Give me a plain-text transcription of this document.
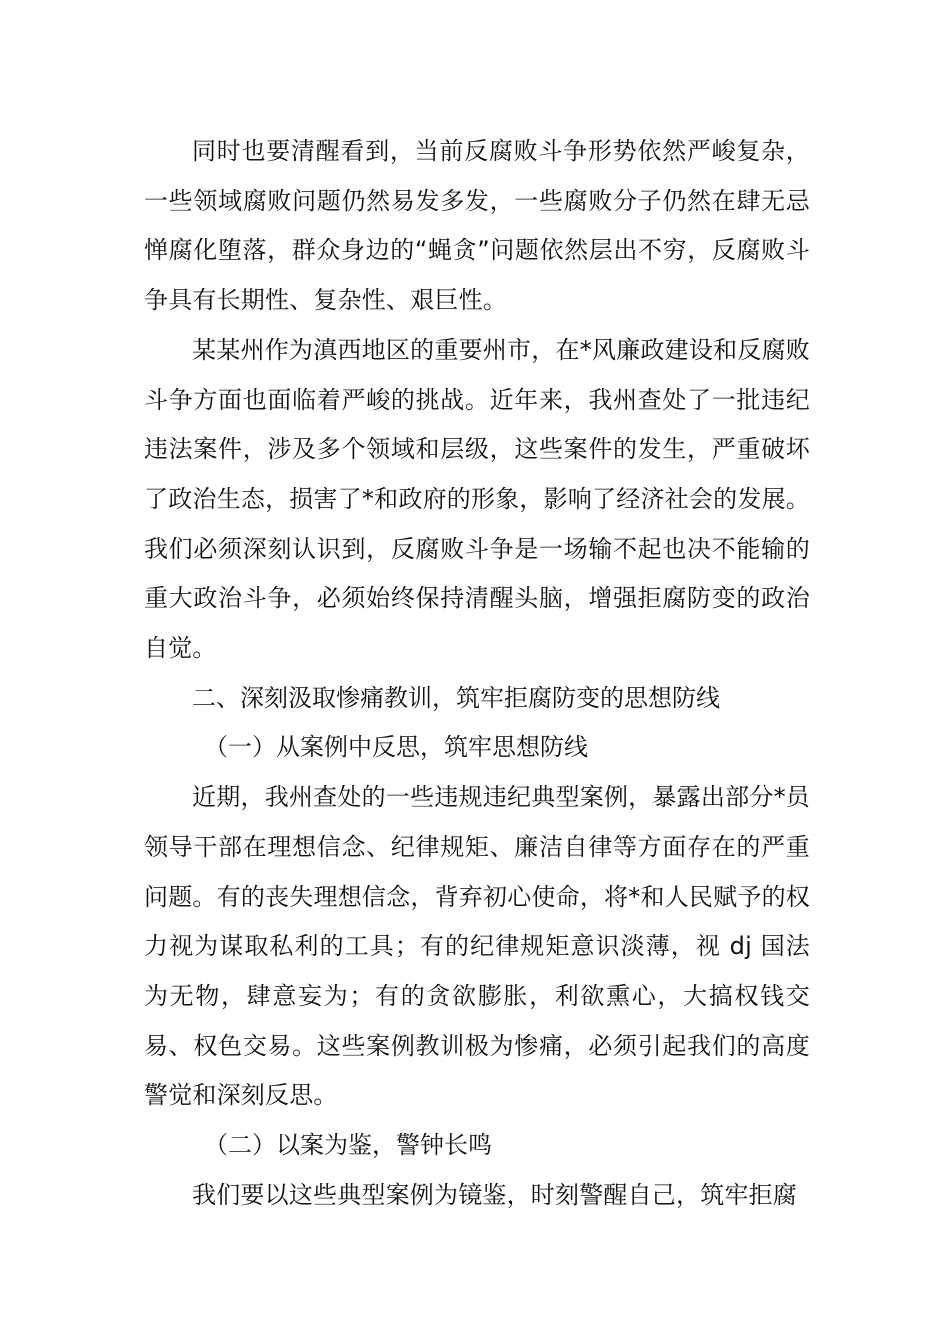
同时也要清醒看到，当前反腐败斗争形势依然严峻复杂，一些领域腐败问题仍然易发多发，一些腐败分子仍然在肆无忌惮腐化堕落，群众身边的“蝇贪”问题依然层出不穷，反腐败斗争具有长期性、复杂性、艰巨性。

某某州作为滇西地区的重要州市，在*风廉政建设和反腐败斗争方面也面临着严峻的挑战。近年来，我州查处了一批违纪违法案件，涉及多个领域和层级，这些案件的发生，严重破坏了政治生态，损害了*和政府的形象，影响了经济社会的发展。我们必须深刻认识到，反腐败斗争是一场输不起也决不能输的重大政治斗争，必须始终保持清醒头脑，增强拒腐防变的政治自觉。

二、深刻汲取惨痛教训，筑牢拒腐防变的思想防线

（一）从案例中反思，筑牢思想防线

近期，我州查处的一些违规违纪典型案例，暴露出部分*员领导干部在理想信念、纪律规矩、廉洁自律等方面存在的严重问题。有的丧失理想信念，背弃初心使命，将*和人民赋予的权力视为谋取私利的工具；有的纪律规矩意识淡薄，视 dj 国法为无物，肆意妄为；有的贪欲膨胀，利欲熏心，大搞权钱交易、权色交易。这些案例教训极为惨痛，必须引起我们的高度警觉和深刻反思。

（二）以案为鉴，警钟长鸣

我们要以这些典型案例为镜鉴，时刻警醒自己，筑牢拒腐
